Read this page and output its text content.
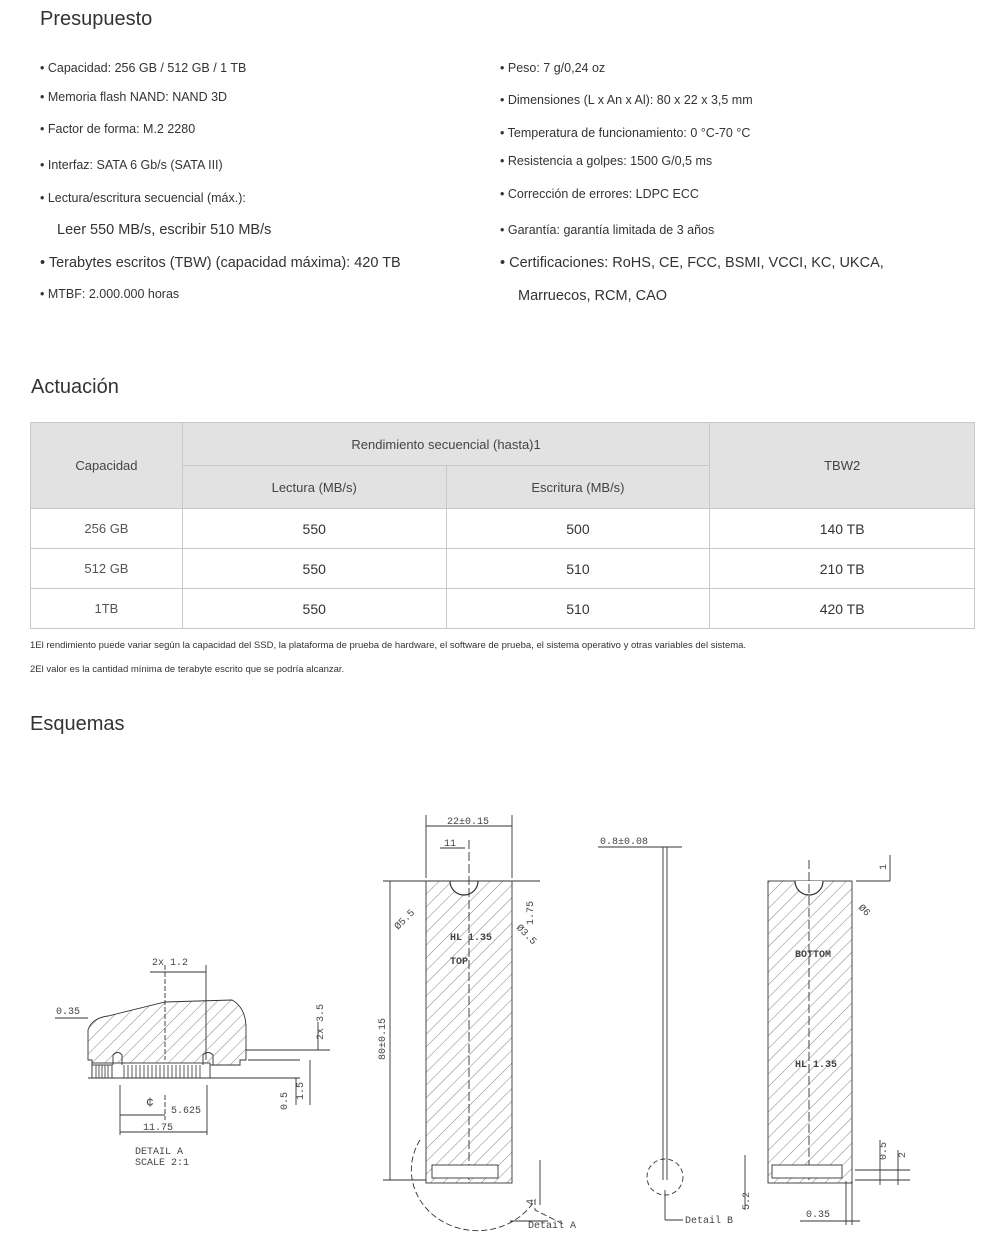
Presupuesto
• Capacidad: 256 GB / 512 GB / 1 TB
• Memoria flash NAND: NAND 3D
• Factor de forma: M.2 2280
• Interfaz: SATA 6 Gb/s (SATA III)
• Lectura/escritura secuencial (máx.):
Leer 550 MB/s, escribir 510 MB/s
• Terabytes escritos (TBW) (capacidad máxima): 420 TB
• MTBF: 2.000.000 horas
• Peso: 7 g/0,24 oz
• Dimensiones (L x An x Al): 80 x 22 x 3,5 mm
• Temperatura de funcionamiento: 0 °C-70 °C
• Resistencia a golpes: 1500 G/0,5 ms
• Corrección de errores: LDPC ECC
• Garantía: garantía limitada de 3 años
• Certificaciones: RoHS, CE, FCC, BSMI, VCCI, KC, UKCA,
Marruecos, RCM, CAO
Actuación
Capacidad	Rendimiento secuencial (hasta)1		TBW2
	Lectura (MB/s)	Escritura (MB/s)	
256 GB	550	500	140 TB
512 GB	550	510	210 TB
1TB	550	510	420 TB
1El rendimiento puede variar según la capacidad del SSD, la plataforma de prueba de hardware, el software de prueba, el sistema operativo y otras variables del sistema.
2El valor es la cantidad mínima de terabyte escrito que se podría alcanzar.
Esquemas
2x 1.2
0.35	2x 3.5
0.5
1.5
¢
5.625
11.75
DETAIL A
SCALE 2:1
22±0.15
11
Ø5.5	1.75
Ø3.5
80±0.15
HL 1.35
TOP
4
Detail A
0.8±0.08
Detail B
1
Ø6
BOTTOM
HL 1.35
0.5 2
5.2
0.35
